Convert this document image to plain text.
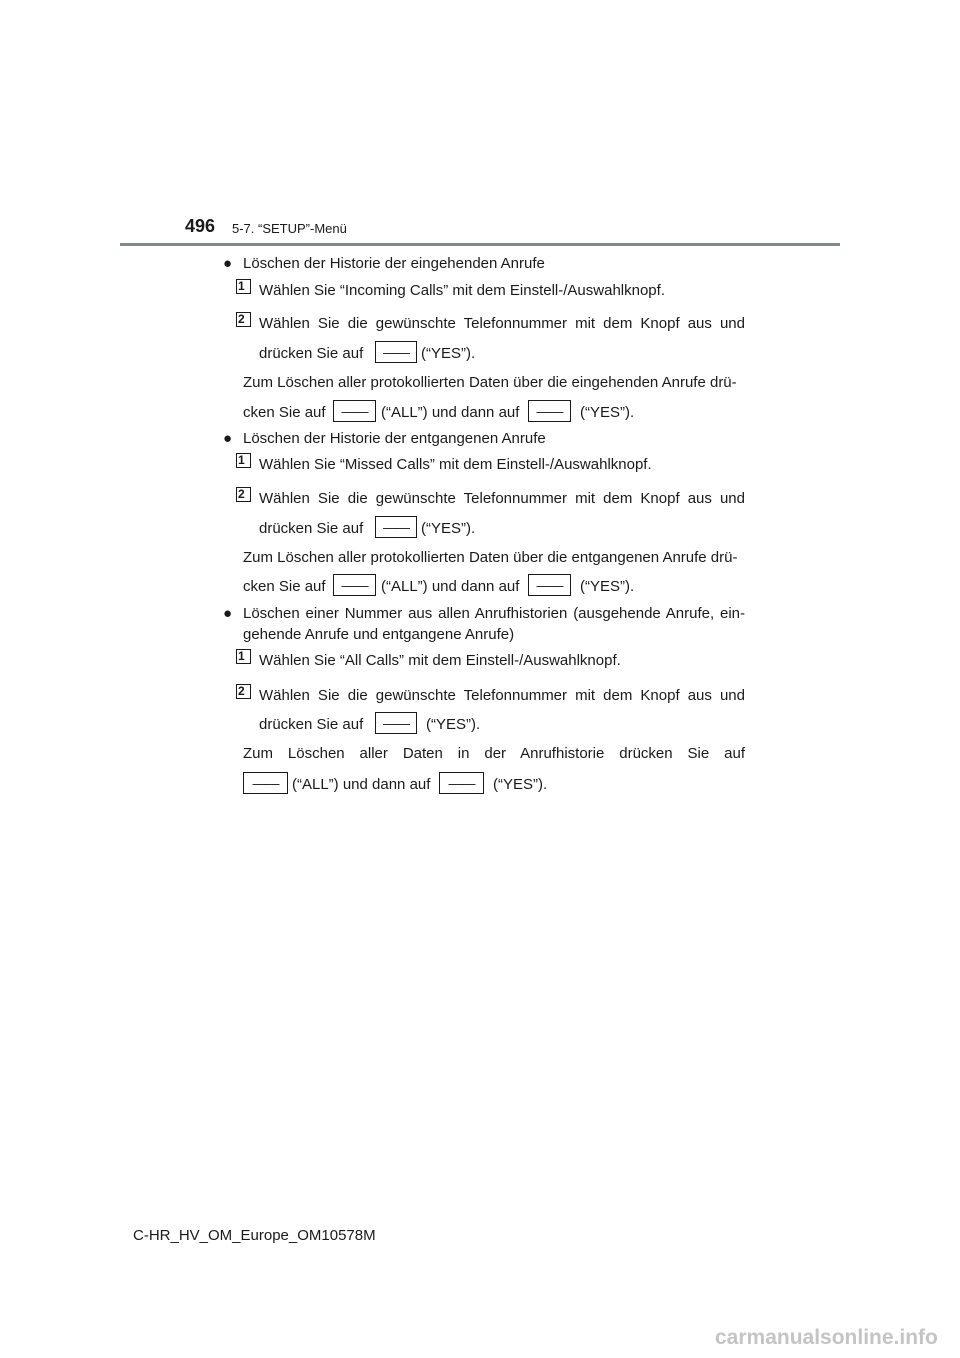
496 5-7. “SETUP”-Menü
● Löschen der Historie der eingehenden Anrufe
1 Wählen Sie “Incoming Calls” mit dem Einstell-/Auswahlknopf.
2 Wählen Sie die gewünschte Telefonnummer mit dem Knopf aus und
drücken Sie auf —— (“YES”).
Zum Löschen aller protokollierten Daten über die eingehenden Anrufe drü-
cken Sie auf —— (“ALL”) und dann auf —— (“YES”).
● Löschen der Historie der entgangenen Anrufe
1 Wählen Sie “Missed Calls” mit dem Einstell-/Auswahlknopf.
2 Wählen Sie die gewünschte Telefonnummer mit dem Knopf aus und
drücken Sie auf —— (“YES”).
Zum Löschen aller protokollierten Daten über die entgangenen Anrufe drü-
cken Sie auf —— (“ALL”) und dann auf —— (“YES”).
● Löschen einer Nummer aus allen Anrufhistorien (ausgehende Anrufe, ein-
gehende Anrufe und entgangene Anrufe)
1 Wählen Sie “All Calls” mit dem Einstell-/Auswahlknopf.
2 Wählen Sie die gewünschte Telefonnummer mit dem Knopf aus und
drücken Sie auf —— (“YES”).
Zum Löschen aller Daten in der Anrufhistorie drücken Sie auf
—— (“ALL”) und dann auf —— (“YES”).
C-HR_HV_OM_Europe_OM10578M
carmanualsonline.info
